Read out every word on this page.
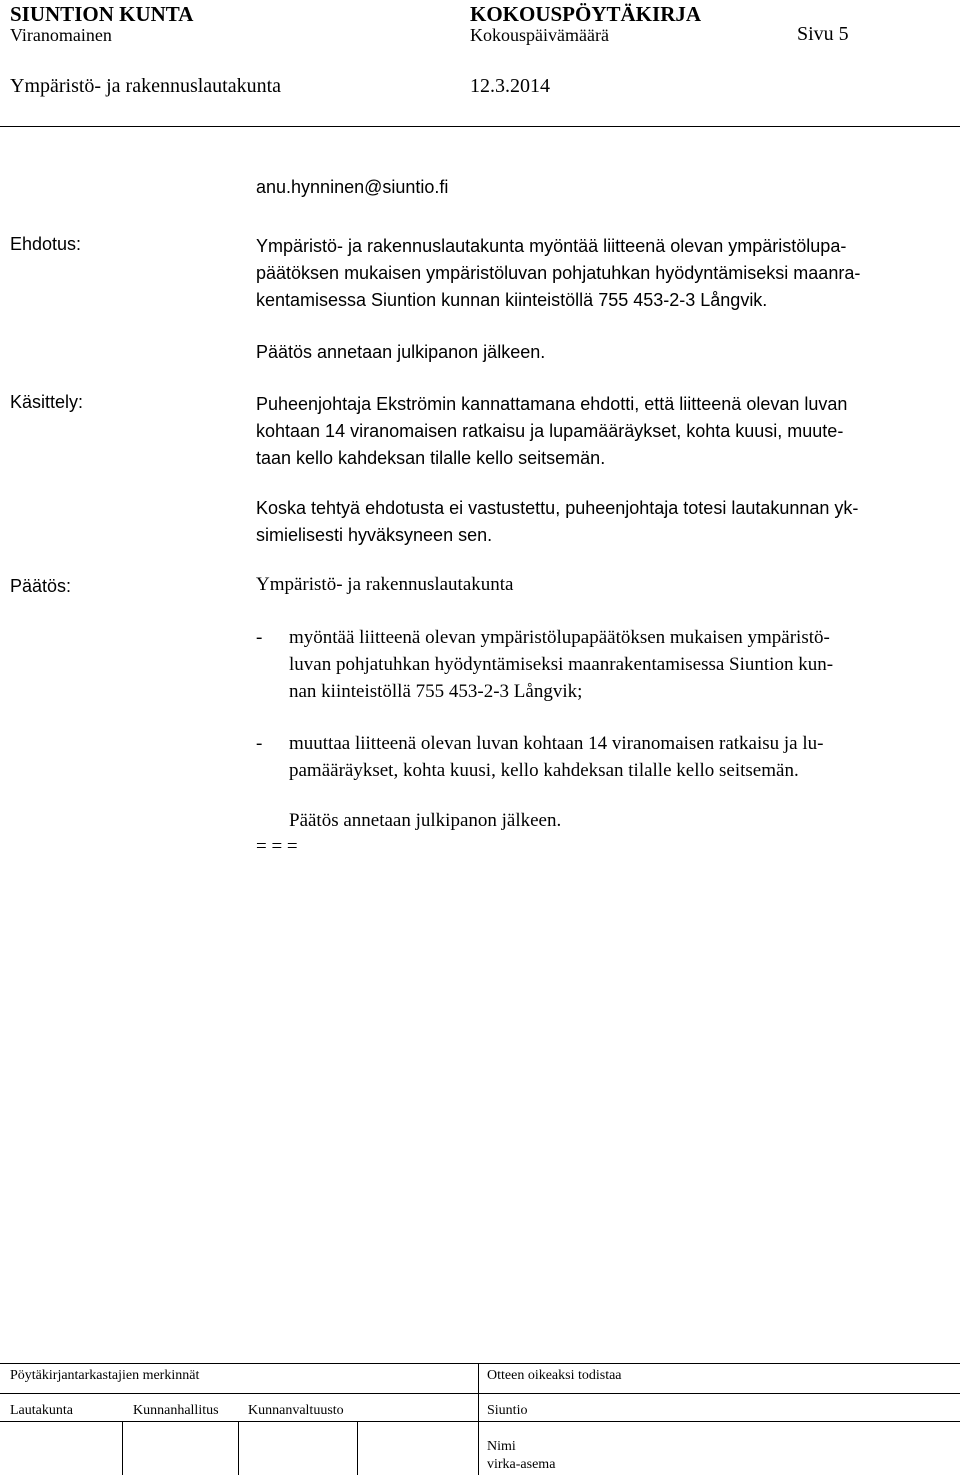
SIUNTION KUNTA	KOKOUSPÖYTÄKIRJA
Viranomainen	Kokouspäivämäärä	Sivu 5
Ympäristö- ja rakennuslautakunta	12.3.2014
anu.hynninen@siuntio.fi
Ehdotus:	Ympäristö- ja rakennuslautakunta myöntää liitteenä olevan ympäristölupa-
päätöksen mukaisen ympäristöluvan pohjatuhkan hyödyntämiseksi maanra-
kentamisessa Siuntion kunnan kiinteistöllä 755 453-2-3 Långvik.
Päätös annetaan julkipanon jälkeen.
Käsittely:	Puheenjohtaja Ekströmin kannattamana ehdotti, että liitteenä olevan luvan
kohtaan 14 viranomaisen ratkaisu ja lupamääräykset, kohta kuusi, muute-
taan kello kahdeksan tilalle kello seitsemän.
Koska tehtyä ehdotusta ei vastustettu, puheenjohtaja totesi lautakunnan yk-
simielisesti hyväksyneen sen.
Päätös:	Ympäristö- ja rakennuslautakunta
- myöntää liitteenä olevan ympäristölupapäätöksen mukaisen ympäristö-
luvan pohjatuhkan hyödyntämiseksi maanrakentamisessa Siuntion kun-
nan kiinteistöllä 755 453-2-3 Långvik;
- muuttaa liitteenä olevan luvan kohtaan 14 viranomaisen ratkaisu ja lu-
pamääräykset, kohta kuusi, kello kahdeksan tilalle kello seitsemän.
Päätös annetaan julkipanon jälkeen.
= = =
Pöytäkirjantarkastajien merkinnät	Otteen oikeaksi todistaa
Lautakunta	Kunnanhallitus Kunnanvaltuusto	Siuntio
Nimi
virka-asema
